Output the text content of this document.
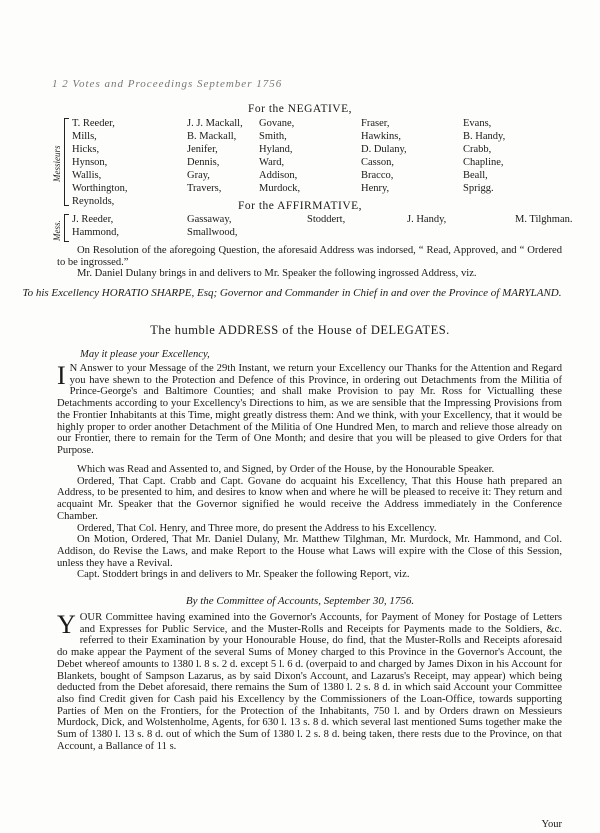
1 2 Votes and Proceedings September 1756
For the NEGATIVE,
Messieurs
T. Reeder,
Mills,
Hicks,
Hynson,
Wallis,
Worthington,
Reynolds,
J. J. Mackall,
B. Mackall,
Jenifer,
Dennis,
Gray,
Travers,
Govane,
Smith,
Hyland,
Ward,
Addison,
Murdock,
Fraser,
Hawkins,
D. Dulany,
Casson,
Bracco,
Henry,
Evans,
B. Handy,
Crabb,
Chapline,
Beall,
Sprigg.
For the AFFIRMATIVE,
Mess.
J. Reeder,
Hammond,
Gassaway,
Smallwood,
Stoddert,	J. Handy,	M. Tilghman.

On Resolution of the aforegoing Question, the aforesaid Address was indorsed, “ Read, Approved, and “ Ordered to be ingrossed.”

Mr. Daniel Dulany brings in and delivers to Mr. Speaker the following ingrossed Address, viz.

To his Excellency HORATIO SHARPE, Esq; Governor and Commander in Chief in and over the Province of MARYLAND.
The humble ADDRESS of the House of DELEGATES.
May it please your Excellency,

I N Answer to your Message of the 29th Instant, we return your Excellency our Thanks for the Attention and Regard you have shewn to the Protection and Defence of this Province, in ordering out Detachments from the Militia of Prince-George's and Baltimore Counties; and shall make Provision to pay Mr. Ross for Victualling these Detachments according to your Excellency's Directions to him, as we are sensible that the Impressing Provisions from the Frontier Inhabitants at this Time, might greatly distress them: And we think, with your Excellency, that it would be highly proper to order another Detachment of the Militia of One Hundred Men, to march and relieve those already on our Frontier, there to remain for the Term of One Month; and desire that you will be pleased to give Orders for that Purpose.

Which was Read and Assented to, and Signed, by Order of the House, by the Honourable Speaker.

Ordered, That Capt. Crabb and Capt. Govane do acquaint his Excellency, That this House hath prepared an Address, to be presented to him, and desires to know when and where he will be pleased to receive it: They return and acquaint Mr. Speaker that the Governor signified he would receive the Address immediately in the Conference Chamber.

Ordered, That Col. Henry, and Three more, do present the Address to his Excellency.

On Motion, Ordered, That Mr. Daniel Dulany, Mr. Matthew Tilghman, Mr. Murdock, Mr. Hammond, and Col. Addison, do Revise the Laws, and make Report to the House what Laws will expire with the Close of this Session, unless they have a Revival.

Capt. Stoddert brings in and delivers to Mr. Speaker the following Report, viz.

By the Committee of Accounts, September 30, 1756.

YOUR Committee having examined into the Governor's Accounts, for Payment of Money for Postage of Letters and Expresses for Public Service, and the Muster-Rolls and Receipts for Payments made to the Soldiers, &c. referred to their Examination by your Honourable House, do find, that the Muster-Rolls and Receipts aforesaid do make appear the Payment of the several Sums of Money charged to this Province in the Governor's Account, the Debet whereof amounts to 1380 l. 8 s. 2 d. except 5 l. 6 d. (overpaid to and charged by James Dixon in his Account for Blankets, bought of Sampson Lazarus, as by said Dixon's Account, and Lazarus's Receipt, may appear) which being deducted from the Debet aforesaid, there remains the Sum of 1380 l. 2 s. 8 d. in which said Account your Committee also find Credit given for Cash paid his Excellency by the Commissioners of the Loan-Office, towards supporting Parties of Men on the Frontiers, for the Protection of the Inhabitants, 750 l. and by Orders drawn on Messieurs Murdock, Dick, and Wolstenholme, Agents, for 630 l. 13 s. 8 d. which several last mentioned Sums together make the Sum of 1380 l. 13 s. 8 d. out of which the Sum of 1380 l. 2 s. 8 d. being taken, there rests due to the Province, on that Account, a Ballance of 11 s.

Your
